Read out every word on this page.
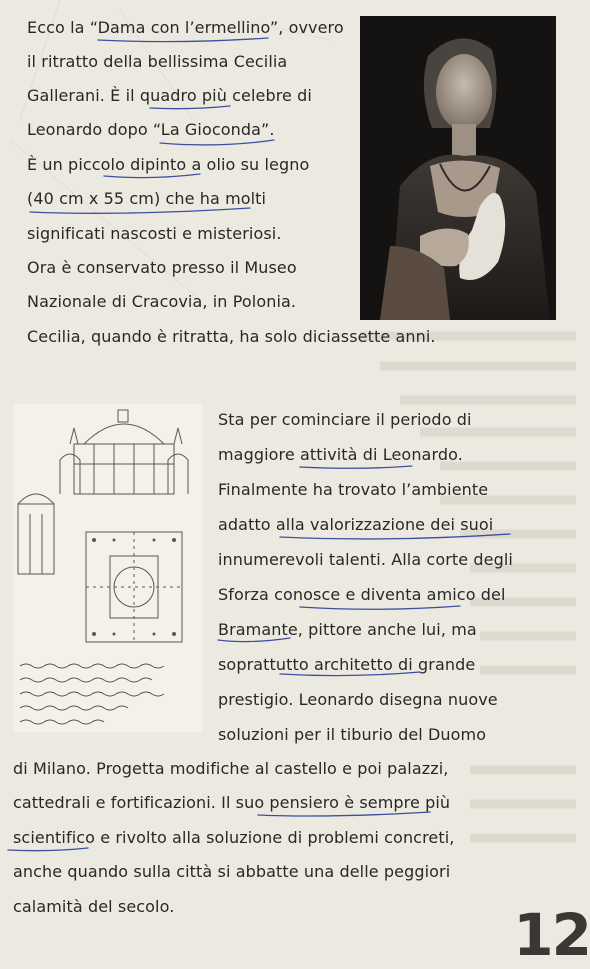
Ecco la “Dama con l’ermellino”, ovvero
il ritratto della bellissima Cecilia
Gallerani. È il quadro più celebre di
Leonardo dopo “La Gioconda”.
È un piccolo dipinto a olio su legno
(40 cm x 55 cm) che ha molti
significati nascosti e misteriosi.
Ora è conservato presso il Museo
Nazionale di Cracovia, in Polonia.
Cecilia, quando è ritratta, ha solo diciassette anni.
Sta per cominciare il periodo di
maggiore attività di Leonardo.
Finalmente ha trovato l’ambiente
adatto alla valorizzazione dei suoi
innumerevoli talenti. Alla corte degli
Sforza conosce e diventa amico del
Bramante, pittore anche lui, ma
soprattutto architetto di grande
prestigio. Leonardo disegna nuove
soluzioni per il tiburio del Duomo
di Milano. Progetta modifiche al castello e poi palazzi,
cattedrali e fortificazioni. Il suo pensiero è sempre più
scientifico e rivolto alla soluzione di problemi concreti,
anche quando sulla città si abbatte una delle peggiori
calamità del secolo.	12
